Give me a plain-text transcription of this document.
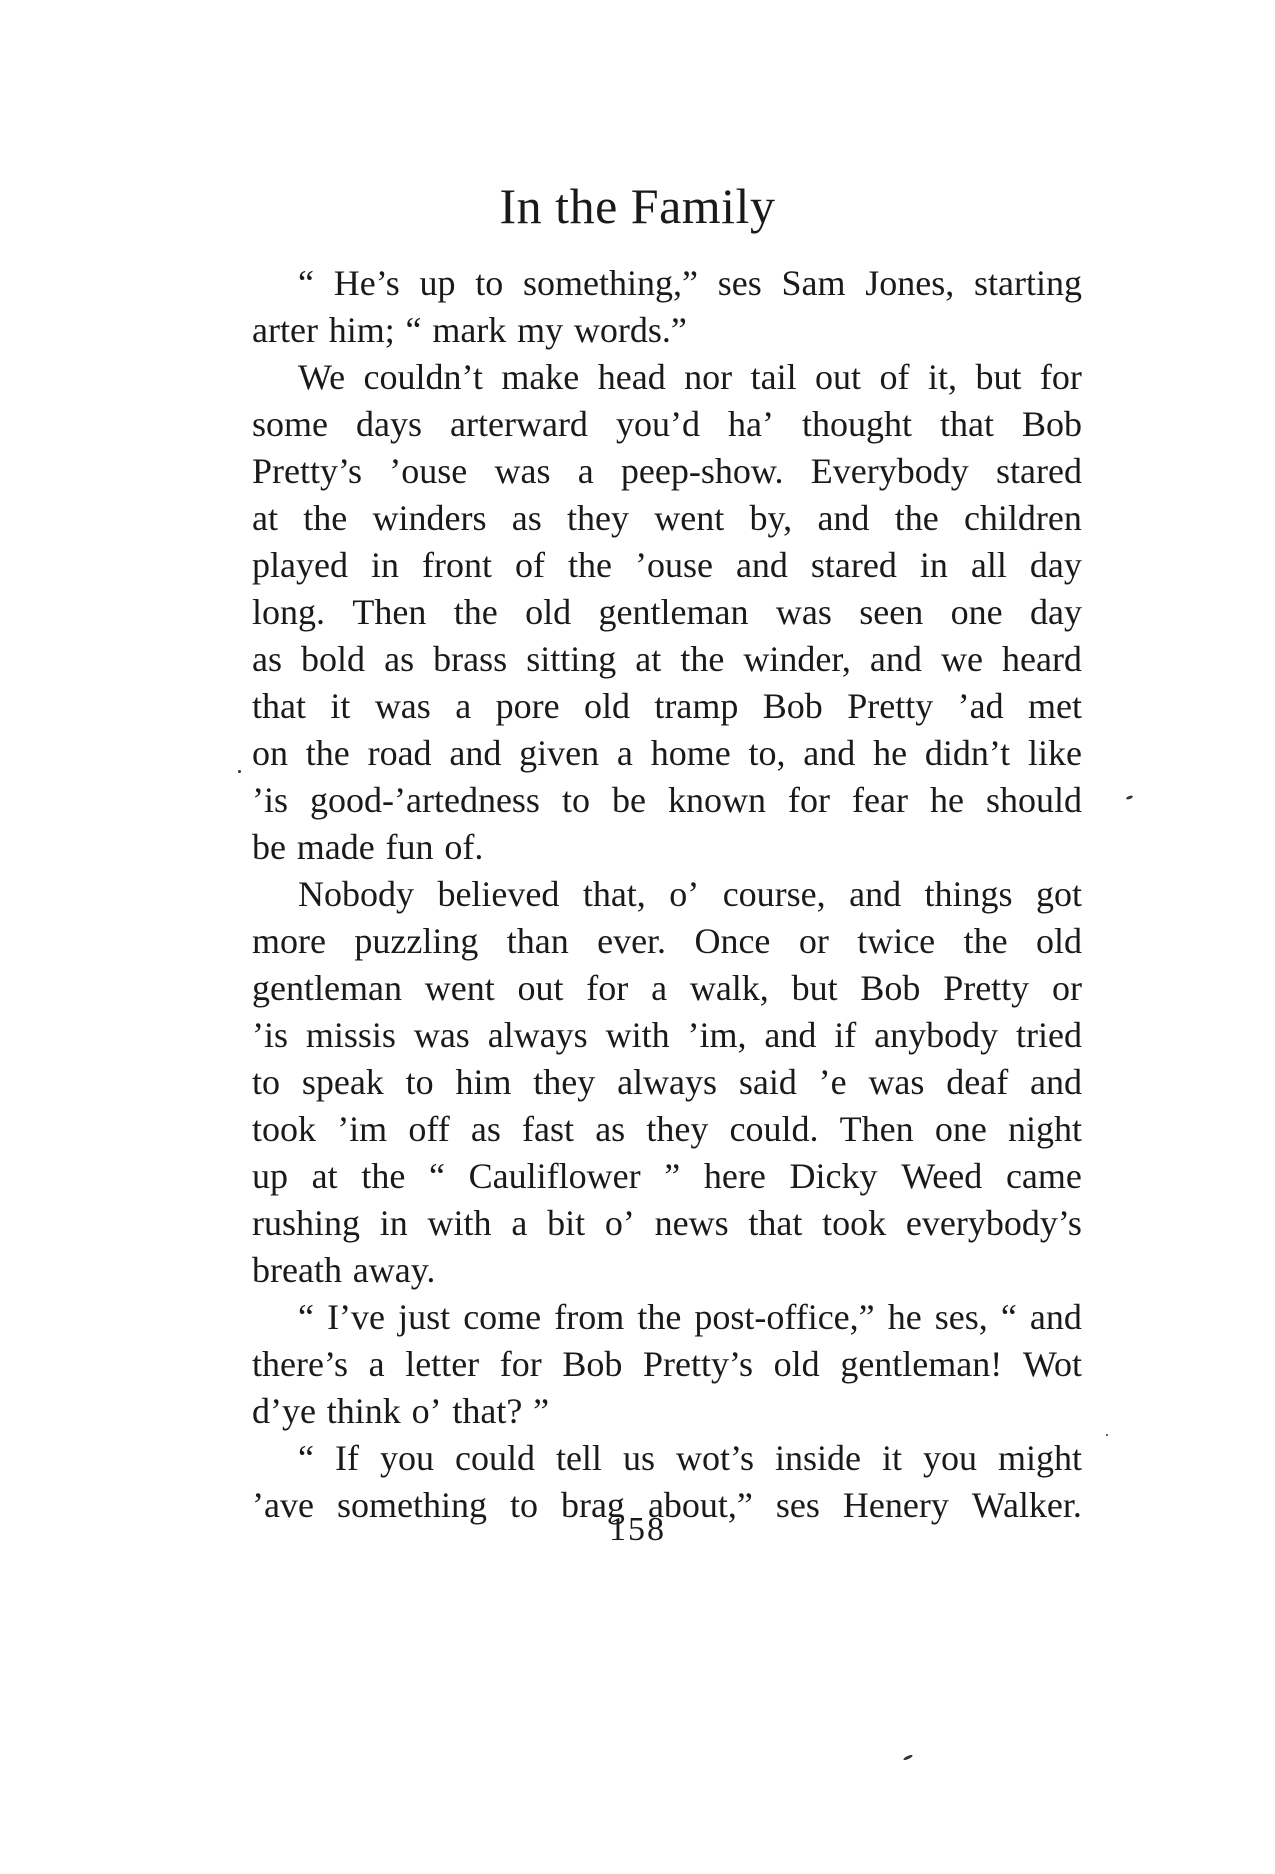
In the Family
“ He’s up to something,” ses Sam Jones, starting
arter him; “ mark my words.”
We couldn’t make head nor tail out of it, but for
some days arterward you’d ha’ thought that Bob
Pretty’s ’ouse was a peep-show. Everybody stared
at the winders as they went by, and the children
played in front of the ’ouse and stared in all day
long. Then the old gentleman was seen one day
as bold as brass sitting at the winder, and we heard
that it was a pore old tramp Bob Pretty ’ad met
on the road and given a home to, and he didn’t like
’is good-’artedness to be known for fear he should
be made fun of.
Nobody believed that, o’ course, and things got
more puzzling than ever. Once or twice the old
gentleman went out for a walk, but Bob Pretty or
’is missis was always with ’im, and if anybody tried
to speak to him they always said ’e was deaf and
took ’im off as fast as they could. Then one night
up at the “ Cauliflower ” here Dicky Weed came
rushing in with a bit o’ news that took everybody’s
breath away.
“ I’ve just come from the post-office,” he ses, “ and
there’s a letter for Bob Pretty’s old gentleman! Wot
d’ye think o’ that? ”
“ If you could tell us wot’s inside it you might
’ave something to brag about,” ses Henery Walker.
158
